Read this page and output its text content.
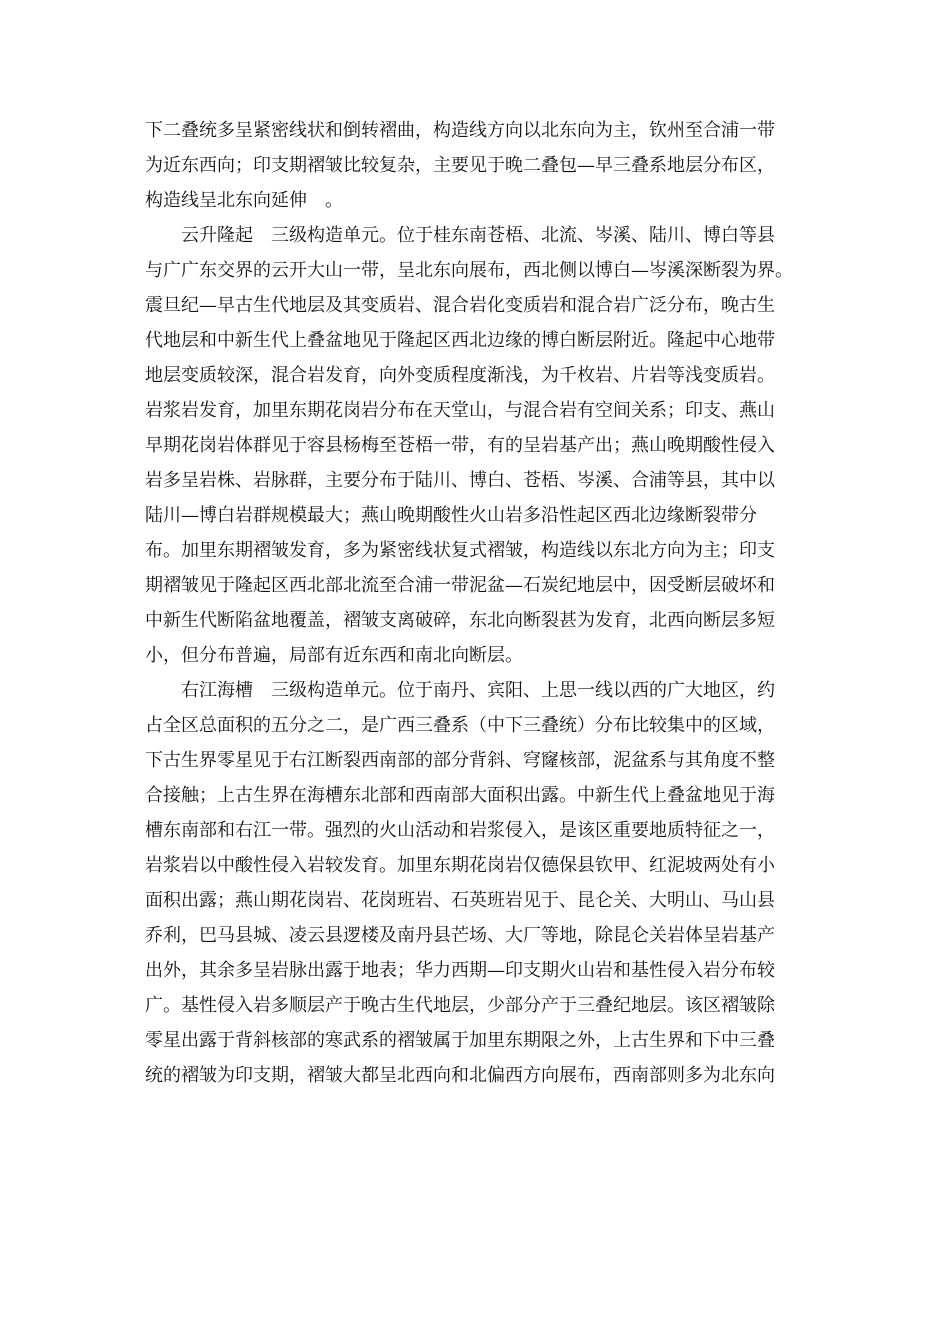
下二叠统多呈紧密线状和倒转褶曲，构造线方向以北东向为主，钦州至合浦一带
为近东西向；印支期褶皱比较复杂，主要见于晚二叠包—早三叠系地层分布区，
构造线呈北东向延伸　。
云升隆起　三级构造单元。位于桂东南苍梧、北流、岑溪、陆川、博白等县
与广广东交界的云开大山一带，呈北东向展布，西北侧以博白—岑溪深断裂为界。
震旦纪—早古生代地层及其变质岩、混合岩化变质岩和混合岩广泛分布，晚古生
代地层和中新生代上叠盆地见于隆起区西北边缘的博白断层附近。隆起中心地带
地层变质较深，混合岩发育，向外变质程度渐浅，为千枚岩、片岩等浅变质岩。
岩浆岩发育，加里东期花岗岩分布在天堂山，与混合岩有空间关系；印支、燕山
早期花岗岩体群见于容县杨梅至苍梧一带，有的呈岩基产出；燕山晚期酸性侵入
岩多呈岩株、岩脉群，主要分布于陆川、博白、苍梧、岑溪、合浦等县，其中以
陆川—博白岩群规模最大；燕山晚期酸性火山岩多沿性起区西北边缘断裂带分
布。加里东期褶皱发育，多为紧密线状复式褶皱，构造线以东北方向为主；印支
期褶皱见于隆起区西北部北流至合浦一带泥盆—石炭纪地层中，因受断层破坏和
中新生代断陷盆地覆盖，褶皱支离破碎，东北向断裂甚为发育，北西向断层多短
小，但分布普遍，局部有近东西和南北向断层。
右江海槽　三级构造单元。位于南丹、宾阳、上思一线以西的广大地区，约
占全区总面积的五分之二，是广西三叠系（中下三叠统）分布比较集中的区域，
下古生界零星见于右江断裂西南部的部分背斜、穹窿核部，泥盆系与其角度不整
合接触；上古生界在海槽东北部和西南部大面积出露。中新生代上叠盆地见于海
槽东南部和右江一带。强烈的火山活动和岩浆侵入，是该区重要地质特征之一，
岩浆岩以中酸性侵入岩较发育。加里东期花岗岩仅德保县钦甲、红泥坡两处有小
面积出露；燕山期花岗岩、花岗班岩、石英班岩见于、昆仑关、大明山、马山县
乔利，巴马县城、凌云县逻楼及南丹县芒场、大厂等地，除昆仑关岩体呈岩基产
出外，其余多呈岩脉出露于地表；华力西期—印支期火山岩和基性侵入岩分布较
广。基性侵入岩多顺层产于晚古生代地层，少部分产于三叠纪地层。该区褶皱除
零星出露于背斜核部的寒武系的褶皱属于加里东期限之外，上古生界和下中三叠
统的褶皱为印支期，褶皱大都呈北西向和北偏西方向展布，西南部则多为北东向
